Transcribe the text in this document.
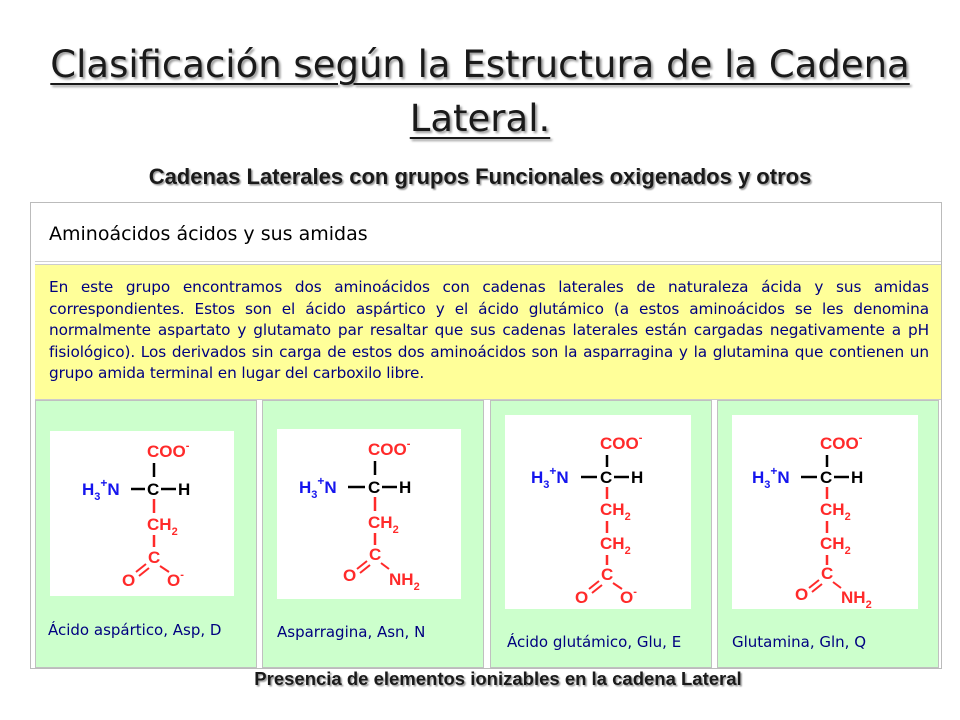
Clasificación según la Estructura de la Cadena Lateral.
Cadenas Laterales con grupos Funcionales oxigenados y otros
Aminoácidos ácidos y sus amidas

En este grupo encontramos dos aminoácidos con cadenas laterales de naturaleza ácida y sus amidas correspondientes. Estos son el ácido aspártico y el ácido glutámico (a estos aminoácidos se les denomina normalmente aspartato y glutamato par resaltar que sus cadenas laterales están cargadas negativamente a pH fisiológico). Los derivados sin carga de estos dos aminoácidos son la asparragina y la glutamina que contienen un grupo amida terminal en lugar del carboxilo libre.

COO-
$H_3^+N$ C H
$CH_2$
C
O O-
Ácido aspártico, Asp, D
COO-
$H_3^+N$ C H
$CH_2$
C
O $NH_2$
Asparragina, Asn, N
COO-
$H_3^+N$ C H
$CH_2$
$CH_2$
C
O O-
Ácido glutámico, Glu, E
COO-
$H_3^+N$ C H
$CH_2$
$CH_2$
C
O $NH_2$
Glutamina, Gln, Q
Presencia de elementos ionizables en la cadena Lateral
